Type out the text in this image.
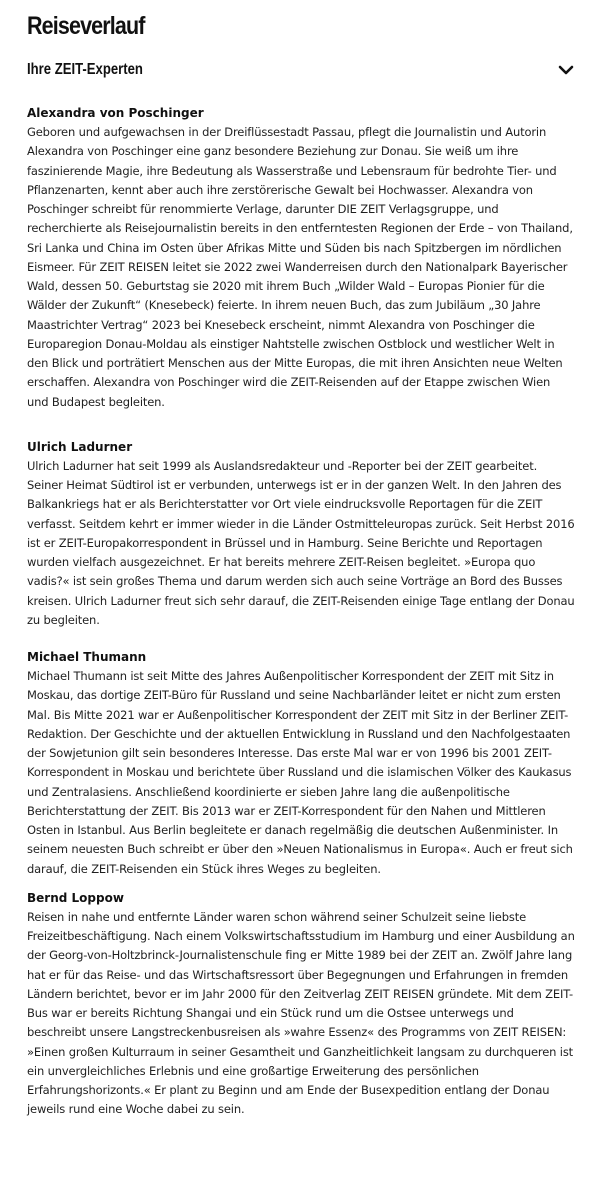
Reiseverlauf
Ihre ZEIT-Experten

Alexandra von Poschinger

Geboren und aufgewachsen in der Dreiflüssestadt Passau, pflegt die Journalistin und Autorin Alexandra von Poschinger eine ganz besondere Beziehung zur Donau. Sie weiß um ihre faszinierende Magie, ihre Bedeutung als Wasserstraße und Lebensraum für bedrohte Tier- und Pflanzenarten, kennt aber auch ihre zerstörerische Gewalt bei Hochwasser. Alexandra von Poschinger schreibt für renommierte Verlage, darunter DIE ZEIT Verlagsgruppe, und recherchierte als Reisejournalistin bereits in den entferntesten Regionen der Erde – von Thailand, Sri Lanka und China im Osten über Afrikas Mitte und Süden bis nach Spitzbergen im nördlichen Eismeer. Für ZEIT REISEN leitet sie 2022 zwei Wanderreisen durch den Nationalpark Bayerischer Wald, dessen 50. Geburtstag sie 2020 mit ihrem Buch „Wilder Wald – Europas Pionier für die Wälder der Zukunft“ (Knesebeck) feierte. In ihrem neuen Buch, das zum Jubiläum „30 Jahre Maastrichter Vertrag“ 2023 bei Knesebeck erscheint, nimmt Alexandra von Poschinger die Europaregion Donau-Moldau als einstiger Nahtstelle zwischen Ostblock und westlicher Welt in den Blick und porträtiert Menschen aus der Mitte Europas, die mit ihren Ansichten neue Welten erschaffen. Alexandra von Poschinger wird die ZEIT-Reisenden auf der Etappe zwischen Wien und Budapest begleiten.

Ulrich Ladurner

Ulrich Ladurner hat seit 1999 als Auslandsredakteur und -Reporter bei der ZEIT gearbeitet. Seiner Heimat Südtirol ist er verbunden, unterwegs ist er in der ganzen Welt. In den Jahren des Balkankriegs hat er als Berichterstatter vor Ort viele eindrucksvolle Reportagen für die ZEIT verfasst. Seitdem kehrt er immer wieder in die Länder Ostmitteleuropas zurück. Seit Herbst 2016 ist er ZEIT-Europakorrespondent in Brüssel und in Hamburg. Seine Berichte und Reportagen wurden vielfach ausgezeichnet. Er hat bereits mehrere ZEIT-Reisen begleitet. »Europa quo vadis?« ist sein großes Thema und darum werden sich auch seine Vorträge an Bord des Busses kreisen. Ulrich Ladurner freut sich sehr darauf, die ZEIT-Reisenden einige Tage entlang der Donau zu begleiten.

Michael Thumann

Michael Thumann ist seit Mitte des Jahres Außenpolitischer Korrespondent der ZEIT mit Sitz in Moskau, das dortige ZEIT-Büro für Russland und seine Nachbarländer leitet er nicht zum ersten Mal. Bis Mitte 2021 war er Außenpolitischer Korrespondent der ZEIT mit Sitz in der Berliner ZEIT-Redaktion. Der Geschichte und der aktuellen Entwicklung in Russland und den Nachfolgestaaten der Sowjetunion gilt sein besonderes Interesse. Das erste Mal war er von 1996 bis 2001 ZEIT-Korrespondent in Moskau und berichtete über Russland und die islamischen Völker des Kaukasus und Zentralasiens. Anschließend koordinierte er sieben Jahre lang die außenpolitische Berichterstattung der ZEIT. Bis 2013 war er ZEIT-Korrespondent für den Nahen und Mittleren Osten in Istanbul. Aus Berlin begleitete er danach regelmäßig die deutschen Außenminister. In seinem neuesten Buch schreibt er über den »Neuen Nationalismus in Europa«. Auch er freut sich darauf, die ZEIT-Reisenden ein Stück ihres Weges zu begleiten.

Bernd Loppow

Reisen in nahe und entfernte Länder waren schon während seiner Schulzeit seine liebste Freizeitbeschäftigung. Nach einem Volkswirtschaftsstudium im Hamburg und einer Ausbildung an der Georg-von-Holtzbrinck-Journalistenschule fing er Mitte 1989 bei der ZEIT an. Zwölf Jahre lang hat er für das Reise- und das Wirtschaftsressort über Begegnungen und Erfahrungen in fremden Ländern berichtet, bevor er im Jahr 2000 für den Zeitverlag ZEIT REISEN gründete. Mit dem ZEIT-Bus war er bereits Richtung Shangai und ein Stück rund um die Ostsee unterwegs und beschreibt unsere Langstreckenbusreisen als »wahre Essenz« des Programms von ZEIT REISEN: »Einen großen Kulturraum in seiner Gesamtheit und Ganzheitlichkeit langsam zu durchqueren ist ein unvergleichliches Erlebnis und eine großartige Erweiterung des persönlichen Erfahrungshorizonts.« Er plant zu Beginn und am Ende der Busexpedition entlang der Donau jeweils rund eine Woche dabei zu sein.
